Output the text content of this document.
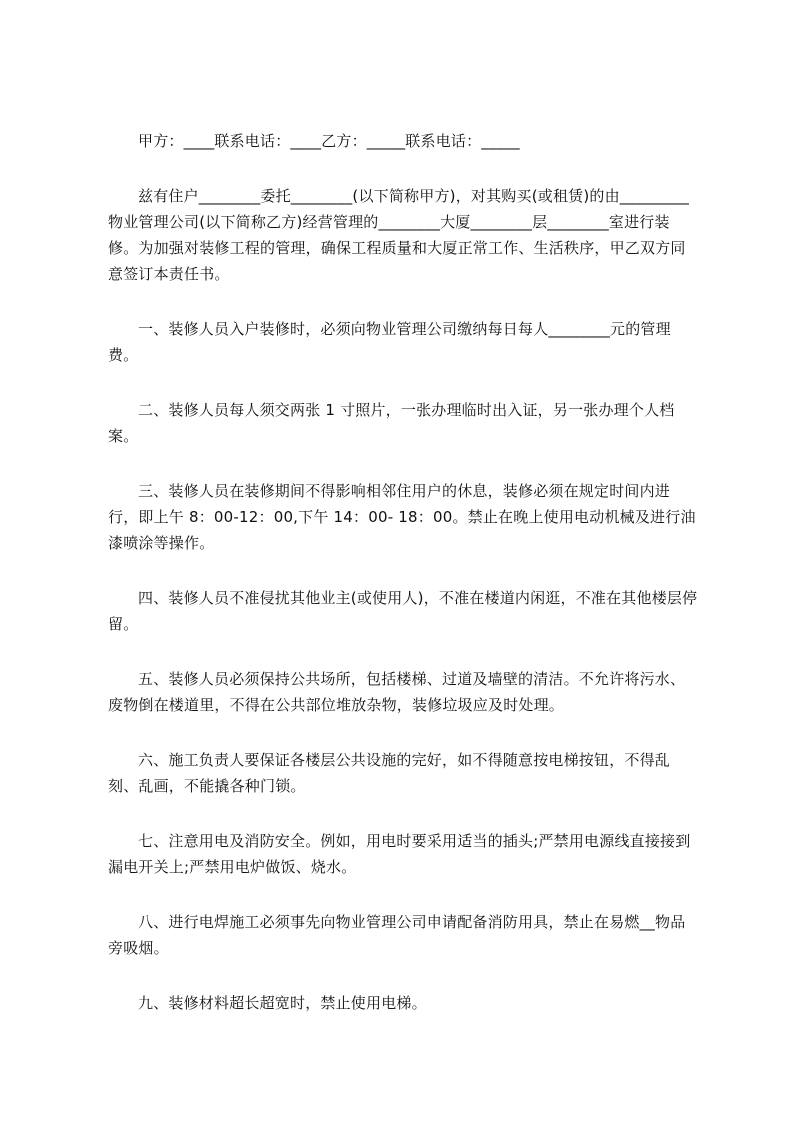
甲方：____联系电话：____乙方：_____联系电话：_____

兹有住户________委托________(以下简称甲方)，对其购买(或租赁)的由_________物业管理公司(以下简称乙方)经营管理的________大厦________层________室进行装修。为加强对装修工程的管理，确保工程质量和大厦正常工作、生活秩序，甲乙双方同意签订本责任书。

一、装修人员入户装修时，必须向物业管理公司缴纳每日每人________元的管理费。

二、装修人员每人须交两张 1 寸照片，一张办理临时出入证，另一张办理个人档案。

三、装修人员在装修期间不得影响相邻住用户的休息，装修必须在规定时间内进行，即上午 8：00-12：00,下午 14：00- 18：00。禁止在晚上使用电动机械及进行油漆喷涂等操作。

四、装修人员不准侵扰其他业主(或使用人)，不准在楼道内闲逛，不准在其他楼层停留。

五、装修人员必须保持公共场所，包括楼梯、过道及墙壁的清洁。不允许将污水、废物倒在楼道里，不得在公共部位堆放杂物，装修垃圾应及时处理。

六、施工负责人要保证各楼层公共设施的完好，如不得随意按电梯按钮，不得乱刻、乱画，不能撬各种门锁。

七、注意用电及消防安全。例如，用电时要采用适当的插头;严禁用电源线直接接到漏电开关上;严禁用电炉做饭、烧水。

八、进行电焊施工必须事先向物业管理公司申请配备消防用具，禁止在易燃__物品旁吸烟。

九、装修材料超长超宽时，禁止使用电梯。
